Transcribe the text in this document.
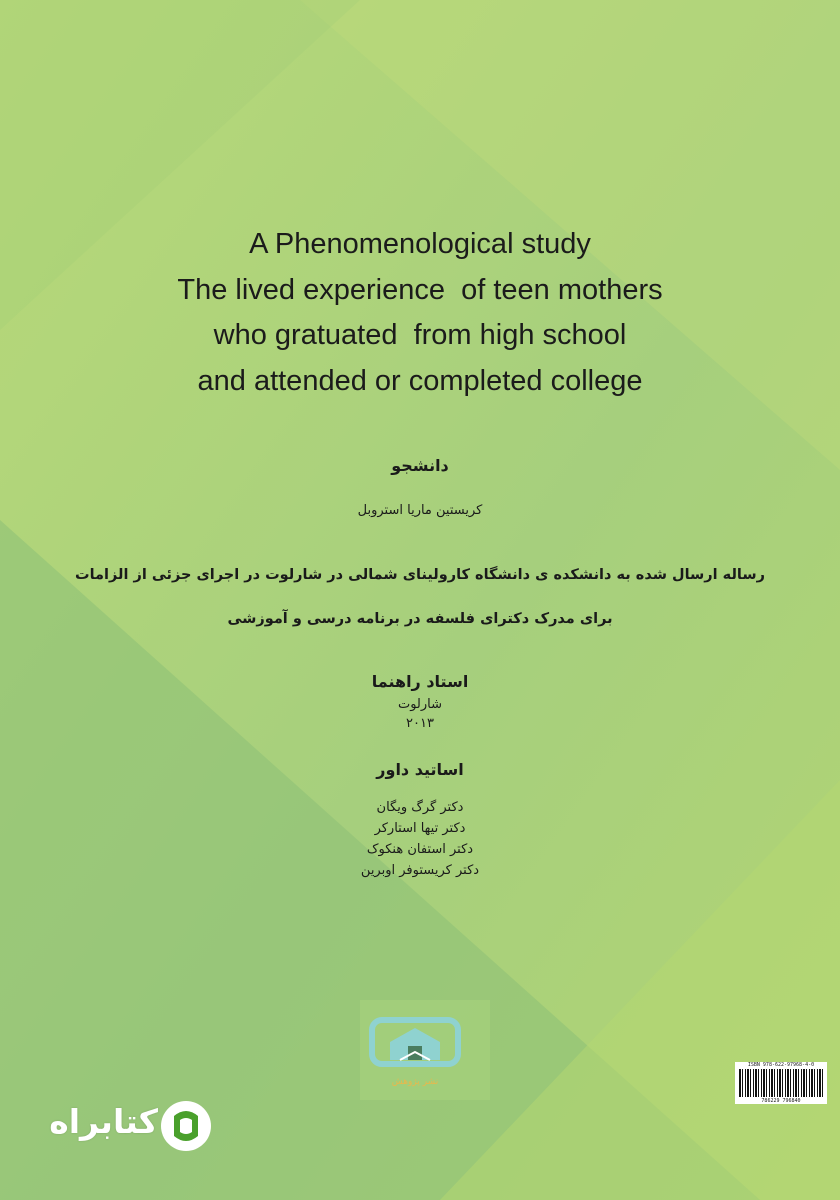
A Phenomenological study
The lived experience  of teen mothers
who gratuated  from high school
and attended or completed college
دانشجو
کریستین ماریا استروبل
رساله ارسال شده به دانشکده ی دانشگاه کارولینای شمالی در شارلوت در اجرای جزئی از الزامات
برای مدرک دکترای فلسفه در برنامه درسی و آموزشی
استاد راهنما
شارلوت
۲۰۱۳
اساتید داور
دکتر گرگ ویگان
دکتر تیها استارکر
دکتر استفان هنکوک
دکتر کریستوفر اوبرین
نشر پژوهش
ISBN 978-622-97968-4-0
786229 796840
کتابراه
